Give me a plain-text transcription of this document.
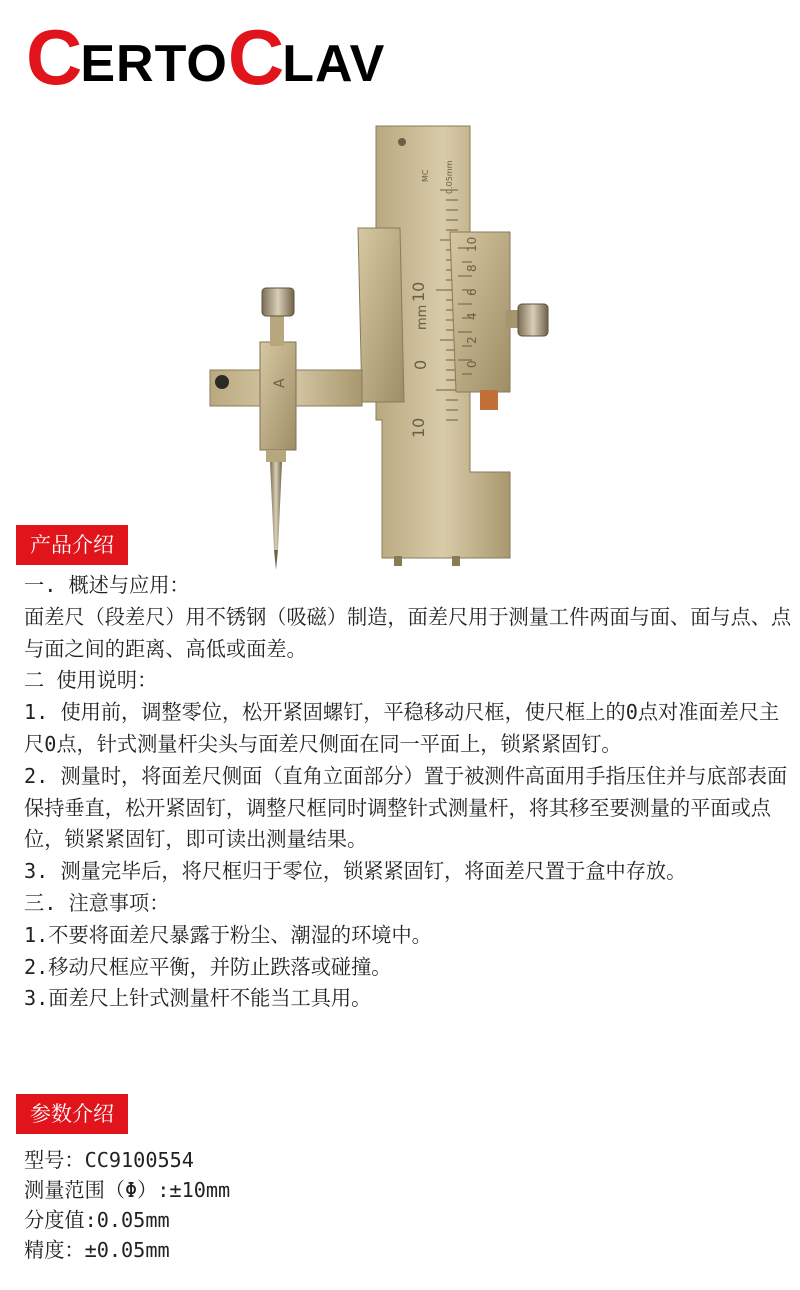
C ERTO C LAV
10
0
10
mm
MC 0.05mm
0
2
4
6
8
10
A
产品介绍

一. 概述与应用：

面差尺（段差尺）用不锈钢（吸磁）制造，面差尺用于测量工件两面与面、面与点、点与面之间的距离、高低或面差。

二 使用说明：

1. 使用前，调整零位，松开紧固螺钉，平稳移动尺框，使尺框上的0点对准面差尺主尺0点，针式测量杆尖头与面差尺侧面在同一平面上，锁紧紧固钉。

2. 测量时，将面差尺侧面（直角立面部分）置于被测件高面用手指压住并与底部表面保持垂直，松开紧固钉，调整尺框同时调整针式测量杆，将其移至要测量的平面或点位，锁紧紧固钉，即可读出测量结果。

3. 测量完毕后，将尺框归于零位，锁紧紧固钉，将面差尺置于盒中存放。

三. 注意事项：

1.不要将面差尺暴露于粉尘、潮湿的环境中。

2.移动尺框应平衡，并防止跌落或碰撞。

3.面差尺上针式测量杆不能当工具用。

参数介绍

型号：CC9100554

测量范围（Φ）:±10mm

分度值:0.05mm

精度：±0.05mm
